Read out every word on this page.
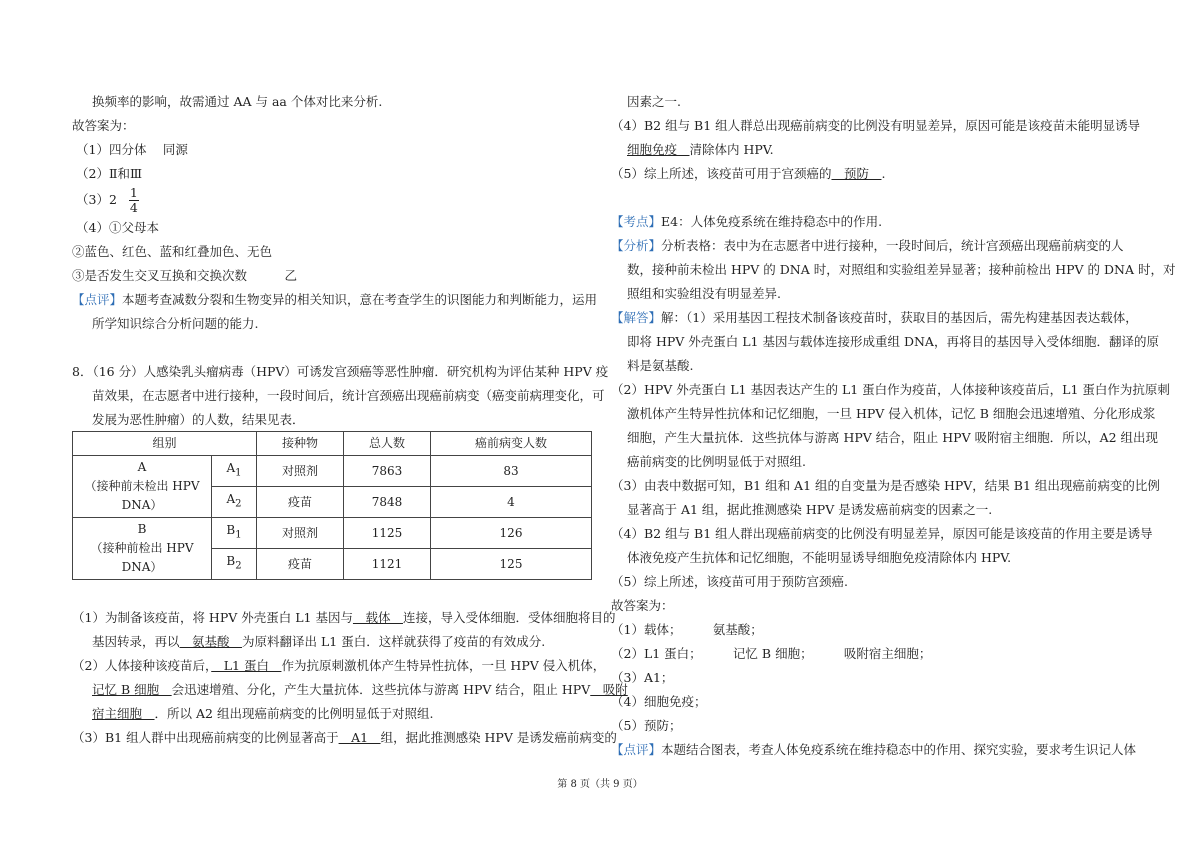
换频率的影响，故需通过 AA 与 aa 个体对比来分析.
故答案为：
（1）四分体　 同源
（2）Ⅱ和Ⅲ
$(3)2 \frac{1}{4}$
（4）①父母本
②蓝色、红色、蓝和红叠加色、无色
③是否发生交叉互换和交换次数　　　乙
【点评】本题考查减数分裂和生物变异的相关知识，意在考查学生的识图能力和判断能力，运用
所学知识综合分析问题的能力.
8．（16 分）人感染乳头瘤病毒（HPV）可诱发宫颈癌等恶性肿瘤．研究机构为评估某种 HPV 疫
苗效果，在志愿者中进行接种，一段时间后，统计宫颈癌出现癌前病变（癌变前病理变化，可
发展为恶性肿瘤）的人数，结果见表．
组别		接种物	总人数	癌前病变人数

A
（接种前未检出 HPV
DNA）	$A_1$	对照剂	7863	83
	$A_2$	疫苗	7848	4

B
（接种前检出 HPV
DNA）	$B_1$	对照剂	1125	126
	$B_2$	疫苗	1121	125
（1）为制备该疫苗，将 HPV 外壳蛋白 L1 基因与　载体　连接，导入受体细胞．受体细胞将目的
基因转录，再以　氨基酸　为原料翻译出 L1 蛋白．这样就获得了疫苗的有效成分.
（2）人体接种该疫苗后，　L1 蛋白　作为抗原刺激机体产生特异性抗体，一旦 HPV 侵入机体，
记忆 B 细胞　会迅速增殖、分化，产生大量抗体．这些抗体与游离 HPV 结合，阻止 HPV　吸附
宿主细胞　．所以 A2 组出现癌前病变的比例明显低于对照组.
（3）B1 组人群中出现癌前病变的比例显著高于　A1　组，据此推测感染 HPV 是诱发癌前病变的
因素之一.
（4）B2 组与 B1 组人群总出现癌前病变的比例没有明显差异，原因可能是该疫苗未能明显诱导
细胞免疫　清除体内 HPV.
（5）综上所述，该疫苗可用于宫颈癌的　预防　.
【考点】E4：人体免疫系统在维持稳态中的作用.
【分析】分析表格：表中为在志愿者中进行接种，一段时间后，统计宫颈癌出现癌前病变的人
数，接种前未检出 HPV 的 DNA 时，对照组和实验组差异显著；接种前检出 HPV 的 DNA 时，对
照组和实验组没有明显差异.
【解答】解：（1）采用基因工程技术制备该疫苗时，获取目的基因后，需先构建基因表达载体，
即将 HPV 外壳蛋白 L1 基因与载体连接形成重组 DNA，再将目的基因导入受体细胞．翻译的原
料是氨基酸.
（2）HPV 外壳蛋白 L1 基因表达产生的 L1 蛋白作为疫苗，人体接种该疫苗后，L1 蛋白作为抗原刺
激机体产生特异性抗体和记忆细胞，一旦 HPV 侵入机体，记忆 B 细胞会迅速增殖、分化形成浆
细胞，产生大量抗体．这些抗体与游离 HPV 结合，阻止 HPV 吸附宿主细胞．所以，A2 组出现
癌前病变的比例明显低于对照组.
（3）由表中数据可知，B1 组和 A1 组的自变量为是否感染 HPV，结果 B1 组出现癌前病变的比例
显著高于 A1 组，据此推测感染 HPV 是诱发癌前病变的因素之一.
（4）B2 组与 B1 组人群出现癌前病变的比例没有明显差异，原因可能是该疫苗的作用主要是诱导
体液免疫产生抗体和记忆细胞，不能明显诱导细胞免疫清除体内 HPV.
（5）综上所述，该疫苗可用于预防宫颈癌.
故答案为：
（1）载体；　　　氨基酸；
（2）L1 蛋白；　　　记忆 B 细胞；　　　吸附宿主细胞；
（3）A1；
（4）细胞免疫；
（5）预防；
【点评】本题结合图表，考查人体免疫系统在维持稳态中的作用、探究实验，要求考生识记人体
第 8 页（共 9 页）
